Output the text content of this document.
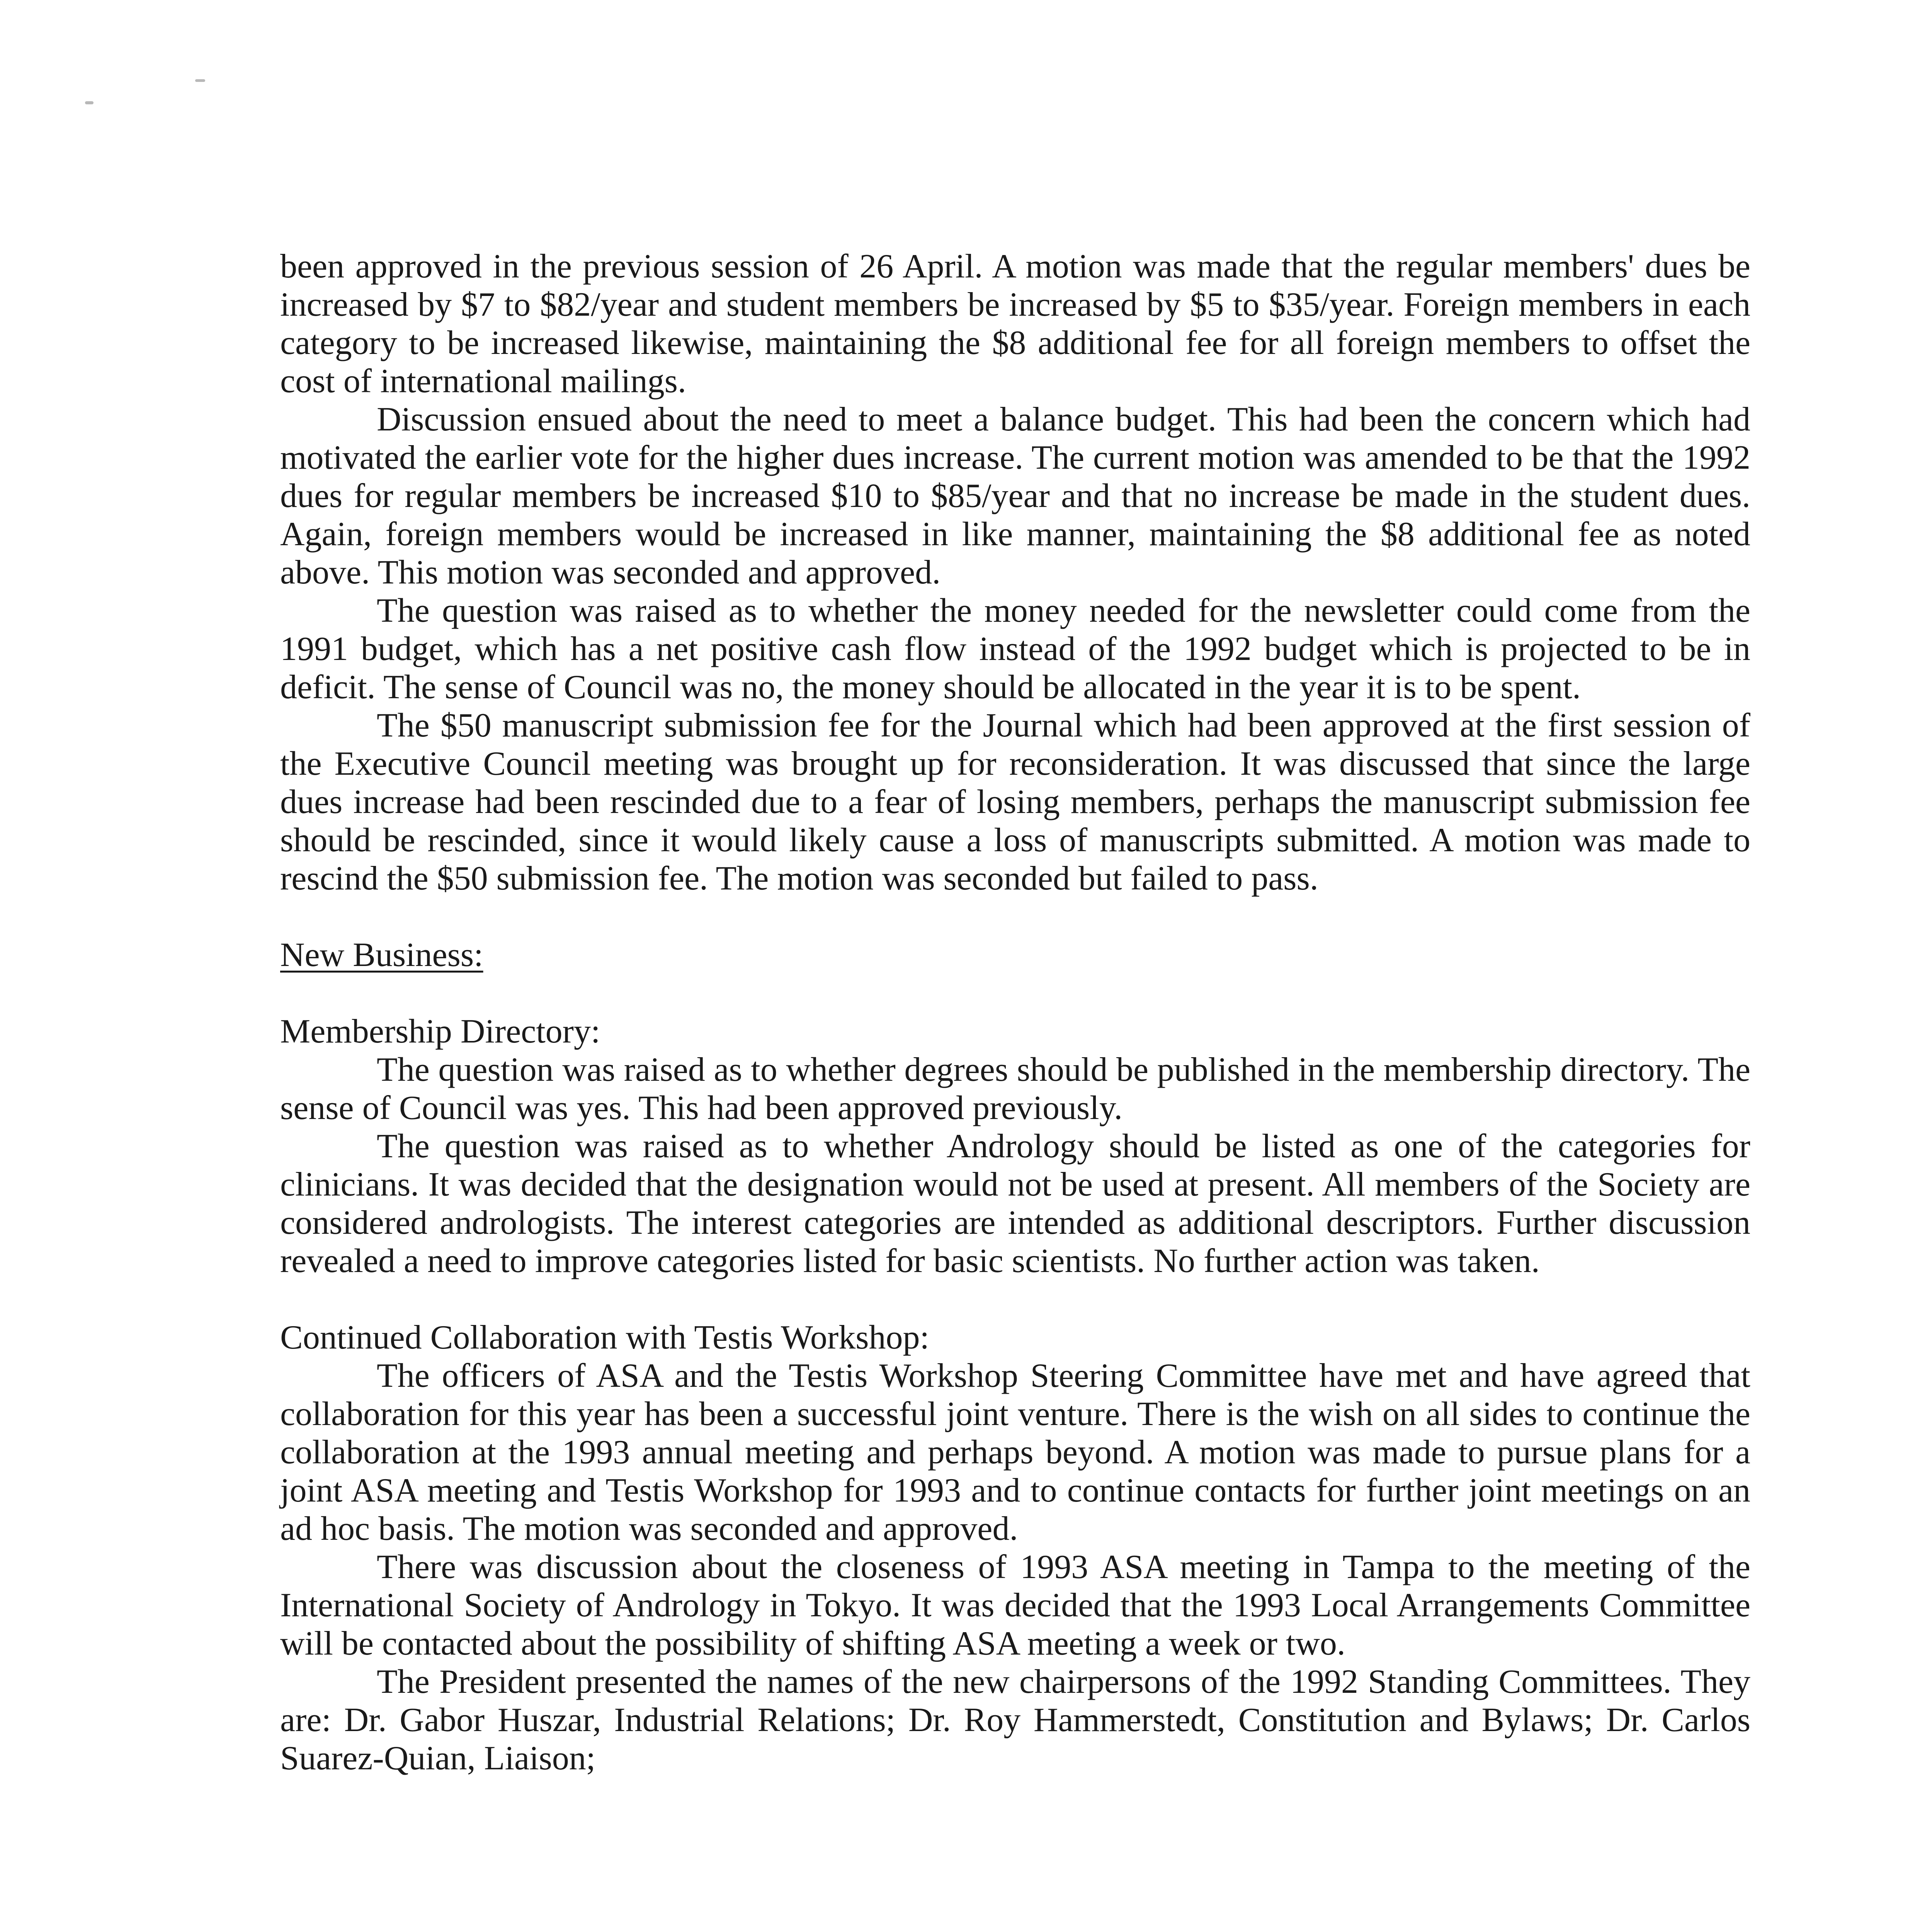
been approved in the previous session of 26 April. A motion was made that the regular members' dues be increased by $7 to $82/year and student members be increased by $5 to $35/year. Foreign members in each category to be increased likewise, maintaining the $8 additional fee for all foreign members to offset the cost of international mailings.

Discussion ensued about the need to meet a balance budget. This had been the concern which had motivated the earlier vote for the higher dues increase. The current motion was amended to be that the 1992 dues for regular members be increased $10 to $85/year and that no increase be made in the student dues. Again, foreign members would be increased in like manner, maintaining the $8 additional fee as noted above. This motion was seconded and approved.

The question was raised as to whether the money needed for the newsletter could come from the 1991 budget, which has a net positive cash flow instead of the 1992 budget which is projected to be in deficit. The sense of Council was no, the money should be allocated in the year it is to be spent.

The $50 manuscript submission fee for the Journal which had been approved at the first session of the Executive Council meeting was brought up for reconsideration. It was discussed that since the large dues increase had been rescinded due to a fear of losing members, perhaps the manuscript submission fee should be rescinded, since it would likely cause a loss of manuscripts submitted. A motion was made to rescind the $50 submission fee. The motion was seconded but failed to pass.

New Business:

Membership Directory:

The question was raised as to whether degrees should be published in the membership directory. The sense of Council was yes. This had been approved previously.

The question was raised as to whether Andrology should be listed as one of the categories for clinicians. It was decided that the designation would not be used at present. All members of the Society are considered andrologists. The interest categories are intended as additional descriptors. Further discussion revealed a need to improve categories listed for basic scientists. No further action was taken.

Continued Collaboration with Testis Workshop:

The officers of ASA and the Testis Workshop Steering Committee have met and have agreed that collaboration for this year has been a successful joint venture. There is the wish on all sides to continue the collaboration at the 1993 annual meeting and perhaps beyond. A motion was made to pursue plans for a joint ASA meeting and Testis Workshop for 1993 and to continue contacts for further joint meetings on an ad hoc basis. The motion was seconded and approved.

There was discussion about the closeness of 1993 ASA meeting in Tampa to the meeting of the International Society of Andrology in Tokyo. It was decided that the 1993 Local Arrangements Committee will be contacted about the possibility of shifting ASA meeting a week or two.

The President presented the names of the new chairpersons of the 1992 Standing Committees. They are: Dr. Gabor Huszar, Industrial Relations; Dr. Roy Hammerstedt, Constitution and Bylaws; Dr. Carlos Suarez-Quian, Liaison;
